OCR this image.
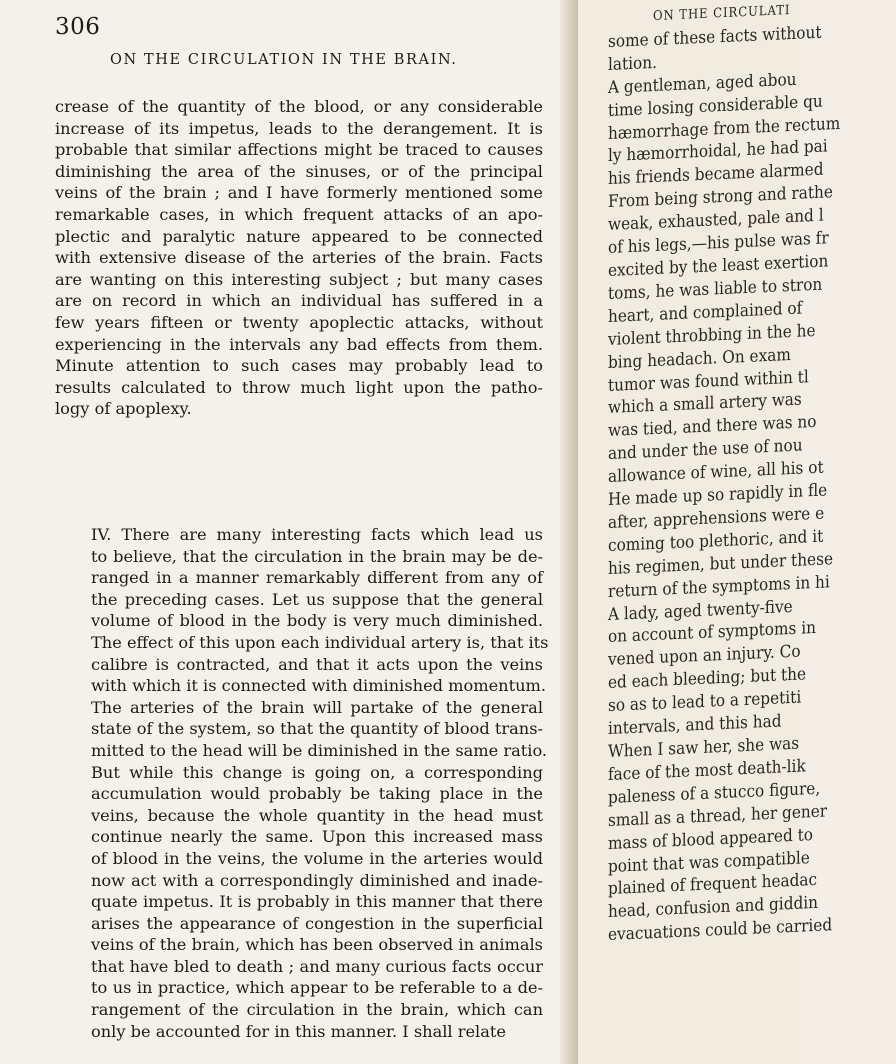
306
ON THE CIRCULATION IN THE BRAIN.
crease of the quantity of the blood, or any considerable
increase of its impetus, leads to the derangement. It is
probable that similar affections might be traced to causes
diminishing the area of the sinuses, or of the principal
veins of the brain ; and I have formerly mentioned some
remarkable cases, in which frequent attacks of an apo-
plectic and paralytic nature appeared to be connected
with extensive disease of the arteries of the brain. Facts
are wanting on this interesting subject ; but many cases
are on record in which an individual has suffered in a
few years fifteen or twenty apoplectic attacks, without
experiencing in the intervals any bad effects from them.
Minute attention to such cases may probably lead to
results calculated to throw much light upon the patho-
logy of apoplexy.
IV. There are many interesting facts which lead us
to believe, that the circulation in the brain may be de-
ranged in a manner remarkably different from any of
the preceding cases. Let us suppose that the general
volume of blood in the body is very much diminished.
The effect of this upon each individual artery is, that its
calibre is contracted, and that it acts upon the veins
with which it is connected with diminished momentum.
The arteries of the brain will partake of the general
state of the system, so that the quantity of blood trans-
mitted to the head will be diminished in the same ratio.
But while this change is going on, a corresponding
accumulation would probably be taking place in the
veins, because the whole quantity in the head must
continue nearly the same. Upon this increased mass
of blood in the veins, the volume in the arteries would
now act with a correspondingly diminished and inade-
quate impetus. It is probably in this manner that there
arises the appearance of congestion in the superficial
veins of the brain, which has been observed in animals
that have bled to death ; and many curious facts occur
to us in practice, which appear to be referable to a de-
rangement of the circulation in the brain, which can
only be accounted for in this manner. I shall relate
ON THE CIRCULATI
some of these facts without
lation.
A gentleman, aged abou
time losing considerable qu
hæmorrhage from the rectum
ly hæmorrhoidal, he had pai
his friends became alarmed
From being strong and rathe
weak, exhausted, pale and l
of his legs,—his pulse was fr
excited by the least exertion
toms, he was liable to stron
heart, and complained of
violent throbbing in the he
bing headach. On exam
tumor was found within tl
which a small artery was
was tied, and there was no
and under the use of nou
allowance of wine, all his ot
He made up so rapidly in fle
after, apprehensions were e
coming too plethoric, and it
his regimen, but under these
return of the symptoms in hi
A lady, aged twenty-five
on account of symptoms in
vened upon an injury. Co
ed each bleeding; but the
so as to lead to a repetiti
intervals, and this had
When I saw her, she was
face of the most death-lik
paleness of a stucco figure,
small as a thread, her gener
mass of blood appeared to
point that was compatible
plained of frequent headac
head, confusion and giddin
evacuations could be carried
